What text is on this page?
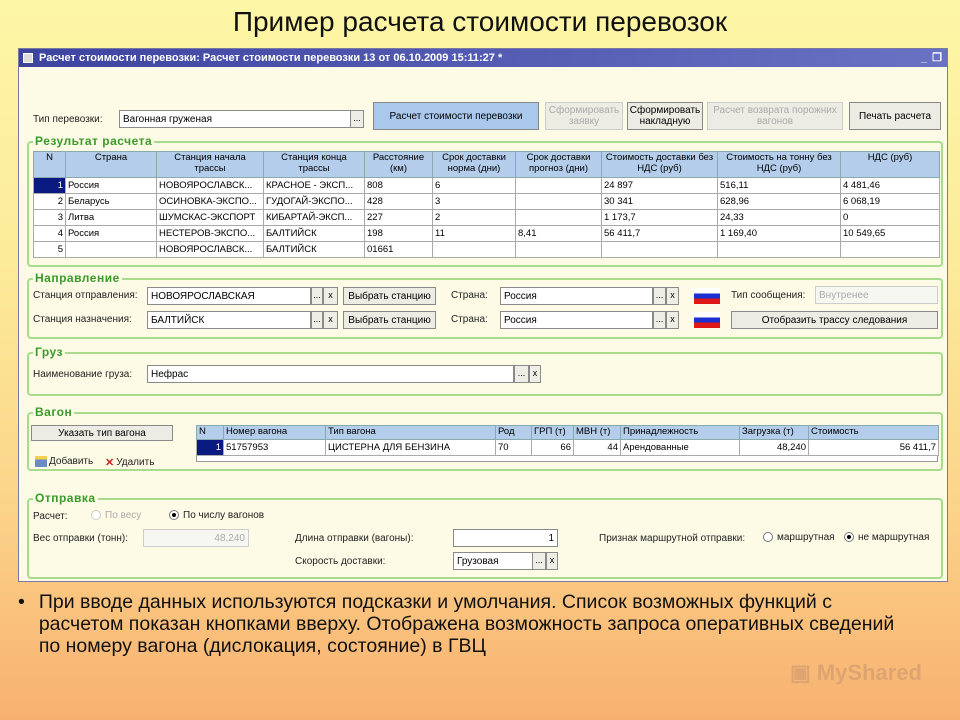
Пример расчета стоимости перевозок
Расчет стоимости перевозки: Расчет стоимости перевозки 13 от 06.10.2009 15:11:27 *	_ ❐
Тип перевозки:	Вагонная груженая	...	Расчет стоимости перевозки	Сформировать заявку
Сформировать накладную
Расчет возврата порожних вагонов	Печать расчета
Результат расчета
N	Страна	Станция начала трассы	Станция конца трассы	Расстояние (км)	Срок доставки норма (дни)	Срок доставки прогноз (дни)	Стоимость доставки без НДС (руб)	Стоимость на тонну без НДС (руб)	НДС (руб)
1	Россия	НОВОЯРОСЛАВСК...	КРАСНОЕ - ЭКСП...	808	6		24 897	516,11	4 481,46
2	Беларусь	ОСИНОВКА-ЭКСПО...	ГУДОГАЙ-ЭКСПО...	428	3		30 341	628,96	6 068,19
3	Литва	ШУМСКАС-ЭКСПОРТ	КИБАРТАЙ-ЭКСП...	227	2		1 173,7	24,33	0
4	Россия	НЕСТЕРОВ-ЭКСПО...	БАЛТИЙСК	198	11	8,41	56 411,7	1 169,40	10 549,65
5		НОВОЯРОСЛАВСК...	БАЛТИЙСК	01661					
Направление
Станция отправления:	НОВОЯРОСЛАВСКАЯ	... x	Выбрать станцию	Страна:	Россия	... x	Тип сообщения:	Внутренее
Станция назначения:	БАЛТИЙСК	... x	Выбрать станцию	Страна:	Россия	... x	Отобразить трассу следования
Груз
Наименование груза:	Нефрас	... x
Вагон
Указать тип вагона
Добавить ✕ Удалить
N	Номер вагона	Тип вагона	Род	ГРП (т)	МВН (т)	Принадлежность	Загрузка (т)	Стоимость
1	51757953	ЦИСТЕРНА ДЛЯ БЕНЗИНА	70	66	44	Арендованные	48,240	56 411,7
Отправка
Расчет:	По весу	По числу вагонов
Вес отправки (тонн):	48,240	Длина отправки (вагоны):	1	Признак маршрутной отправки:	маршрутная	не маршрутная
Скорость доставки:	Грузовая	... x
• При вводе данных используются подсказки и умолчания. Список возможных функций с расчетом показан кнопками вверху. Отображена возможность запроса оперативных сведений по номеру вагона (дислокация, состояние) в ГВЦ
▣ MyShared
